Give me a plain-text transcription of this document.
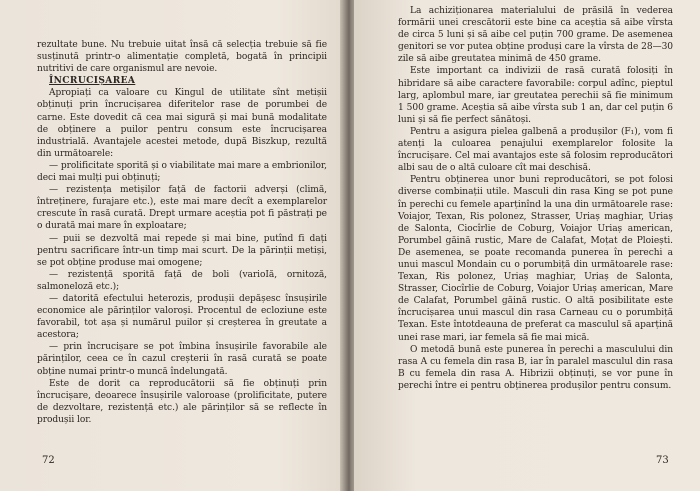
rezultate bune. Nu trebuie uitat însă că selecția trebuie să fie susținută printr-o alimentație completă, bogată în principii nutritivi de care organismul are nevoie.

ÎNCRUCIȘAREA

Apropiați ca valoare cu Kingul de utilitate sînt metișii obținuți prin încrucișarea diferitelor rase de porumbei de carne. Este dovedit că cea mai sigură și mai bună modalitate de obținere a puilor pentru consum este încrucișarea industrială. Avantajele acestei metode, după Biszkup, rezultă din următoarele:

— prolificitate sporită și o viabilitate mai mare a embrionilor, deci mai mulți pui obținuți;

— rezistența metișilor față de factorii adverși (climă, întreținere, furajare etc.), este mai mare decît a exemplarelor crescute în rasă curată. Drept urmare aceștia pot fi păstrați pe o durată mai mare în exploatare;

— puii se dezvoltă mai repede și mai bine, putînd fi dați pentru sacrificare într-un timp mai scurt. De la părinții metiși, se pot obține produse mai omogene;

— rezistență sporită față de boli (varioIă, ornitoză, salmoneloză etc.);

— datorită efectului heterozis, produșii depășesc însușirile economice ale părinților valoroși. Procentul de ecloziune este favorabil, tot așa și numărul puilor și creșterea în greutate a acestora;

— prin încrucișare se pot îmbina însușirile favorabile ale părinților, ceea ce în cazul creșterii în rasă curată se poate obține numai printr-o muncă îndelungată.

Este de dorit ca reproducătorii să fie obținuți prin încrucișare, deoarece însușirile valoroase (prolificitate, putere de dezvoltare, rezistență etc.) ale părinților să se reflecte în produșii lor.

72

La achiziționarea materialului de prăsilă în vederea formării unei crescătorii este bine ca aceștia să aibe vîrsta de circa 5 luni și să aibe cel puțin 700 grame. De asemenea genitori se vor putea obține produși care la vîrsta de 28—30 zile să aibe greutatea minimă de 450 grame.

Este important ca indivizii de rasă curată folosiți în hibridare să aibe caractere favorabile: corpul adînc, pieptul larg, aplombul mare, iar greutatea perechii să fie minimum 1 500 grame. Aceștia să aibe vîrsta sub 1 an, dar cel puțin 6 luni și să fie perfect sănătoși.

Pentru a asigura pielea galbenă a produșilor (F₁), vom fi atenți la culoarea penajului exemplarelor folosite la încrucișare. Cel mai avantajos este să folosim reproducători albi sau de o altă culoare cît mai deschisă.

Pentru obținerea unor buni reproducători, se pot folosi diverse combinații utile. Masculi din rasa King se pot pune în perechi cu femele aparținînd la una din următoarele rase: Voiajor, Texan, Ris polonez, Strasser, Uriaș maghiar, Uriaș de Salonta, Ciocîrlie de Coburg, Voiajor Uriaș american, Porumbel găină rustic, Mare de Calafat, Moțat de Ploiești. De asemenea, se poate recomanda punerea în perechi a unui mascul Mondain cu o porumbiță din următoarele rase: Texan, Ris polonez, Uriaș maghiar, Uriaș de Salonta, Strasser, Ciocîrlie de Coburg, Voiajor Uriaș american, Mare de Calafat, Porumbel găină rustic. O altă posibilitate este încrucișarea unui mascul din rasa Carneau cu o porumbiță Texan. Este întotdeauna de preferat ca masculul să aparțină unei rase mari, iar femela să fie mai mică.

O metodă bună este punerea în perechi a masculului din rasa A cu femela din rasa B, iar în paralel masculul din rasa B cu femela din rasa A. Hibrizii obținuți, se vor pune în perechi între ei pentru obținerea produșilor pentru consum.

73
